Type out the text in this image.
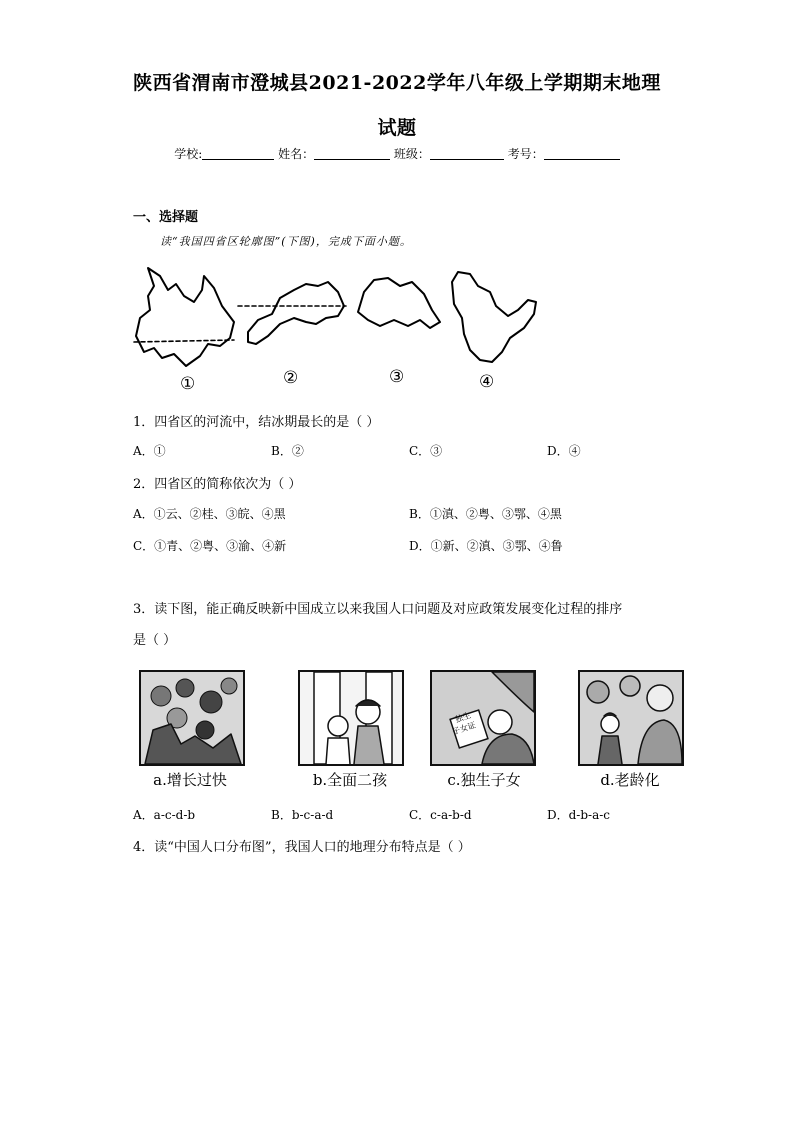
陕西省渭南市澄城县2021-2022学年八年级上学期期末地理
试题
学校:	姓名：	班级：	考号：
一、选择题
读“我国四省区轮廓图”(下图)，完成下面小题。
①	②	③	④
1．四省区的河流中，结冰期最长的是（ ）
A．①	B．②	C．③	D．④
2．四省区的简称依次为（ ）
A．①云、②桂、③皖、④黑	B．①滇、②粤、③鄂、④黑
C．①青、②粤、③渝、④新	D．①新、②滇、③鄂、④鲁
3．读下图，能正确反映新中国成立以来我国人口问题及对应政策发展变化过程的排序
是（ ）
a.增长过快	b.全面二孩
独生
子女证
c.独生子女	d.老龄化
A．a-c-d-b	B．b-c-a-d	C．c-a-b-d	D．d-b-a-c
4．读“中国人口分布图”，我国人口的地理分布特点是（ ）
